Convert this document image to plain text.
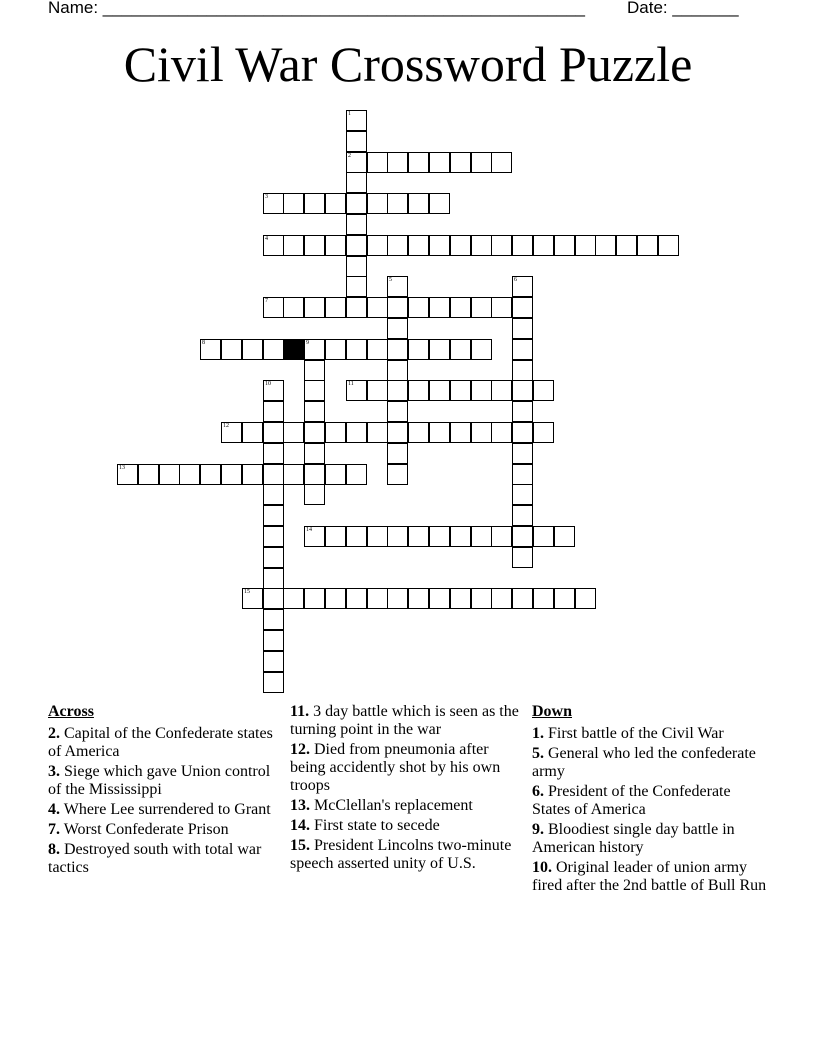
Name: ___________________________________________________ Date: _______
Civil War Crossword Puzzle
1
2
3
4
5	6
7
8	9
10	11
12
13
14
15
Across
2. Capital of the Confederate states of America
3. Siege which gave Union control of the Mississippi
4. Where Lee surrendered to Grant
7. Worst Confederate Prison
8. Destroyed south with total war tactics
11. 3 day battle which is seen as the turning point in the war
12. Died from pneumonia after being accidently shot by his own troops
13. McClellan's replacement
14. First state to secede
15. President Lincolns two-minute speech asserted unity of U.S.
Down
1. First battle of the Civil War
5. General who led the confederate army
6. President of the Confederate States of America
9. Bloodiest single day battle in American history
10. Original leader of union army fired after the 2nd battle of Bull Run
